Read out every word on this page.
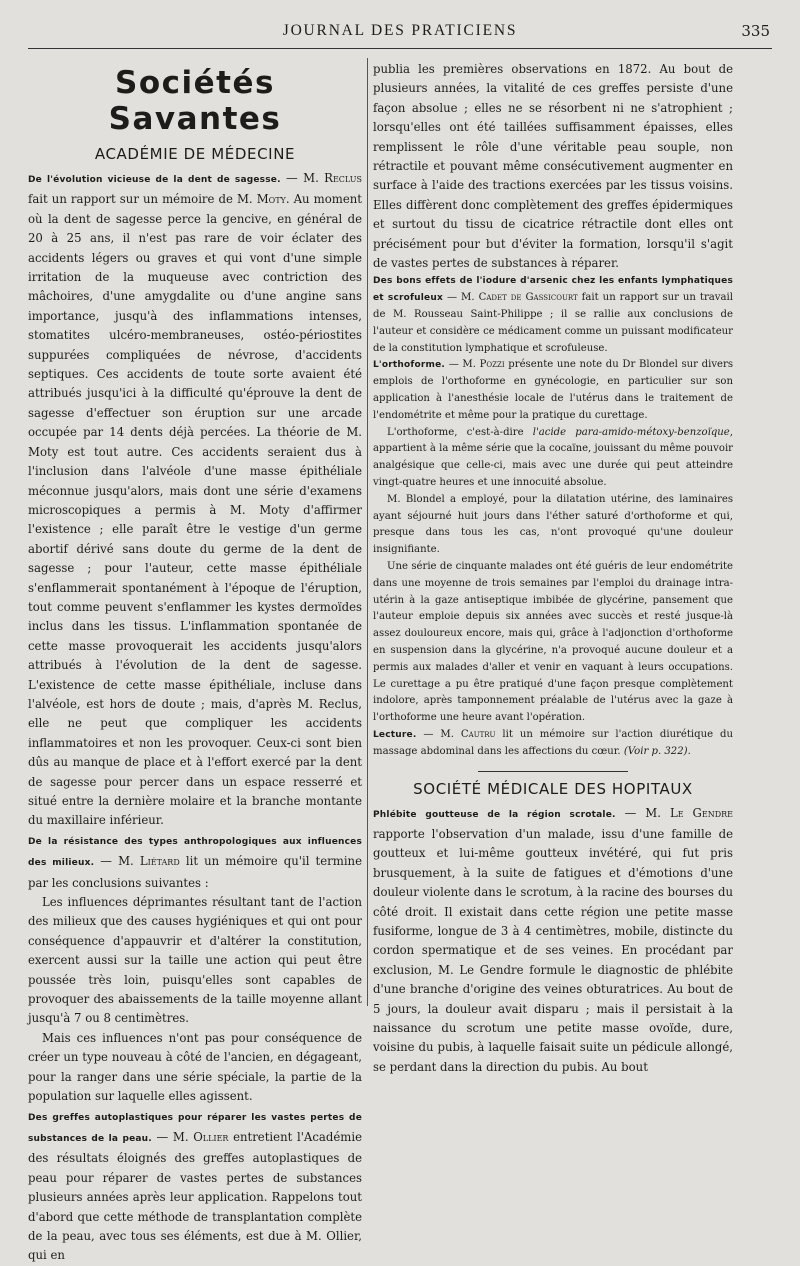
JOURNAL DES PRATICIENS	335
Sociétés Savantes
ACADÉMIE DE MÉDECINE

De l'évolution vicieuse de la dent de sagesse. — M. Reclus fait un rapport sur un mémoire de M. Moty. Au moment où la dent de sagesse perce la gencive, en général de 20 à 25 ans, il n'est pas rare de voir éclater des accidents légers ou graves et qui vont d'une simple irritation de la muqueuse avec contriction des mâchoires, d'une amygdalite ou d'une angine sans importance, jusqu'à des inflammations intenses, stomatites ulcéro-membraneuses, ostéo-périostites suppurées compliquées de névrose, d'accidents septiques. Ces accidents de toute sorte avaient été attribués jusqu'ici à la difficulté qu'éprouve la dent de sagesse d'effectuer son éruption sur une arcade occupée par 14 dents déjà percées. La théorie de M. Moty est tout autre. Ces accidents seraient dus à l'inclusion dans l'alvéole d'une masse épithéliale méconnue jusqu'alors, mais dont une série d'examens microscopiques a permis à M. Moty d'affirmer l'existence ; elle paraît être le vestige d'un germe abortif dérivé sans doute du germe de la dent de sagesse ; pour l'auteur, cette masse épithéliale s'enflammerait spontanément à l'époque de l'éruption, tout comme peuvent s'enflammer les kystes dermoïdes inclus dans les tissus. L'inflammation spontanée de cette masse provoquerait les accidents jusqu'alors attribués à l'évolution de la dent de sagesse. L'existence de cette masse épithéliale, incluse dans l'alvéole, est hors de doute ; mais, d'après M. Reclus, elle ne peut que compliquer les accidents inflammatoires et non les provoquer. Ceux-ci sont bien dûs au manque de place et à l'effort exercé par la dent de sagesse pour percer dans un espace resserré et situé entre la dernière molaire et la branche montante du maxillaire inférieur.

De la résistance des types anthropologiques aux influences des milieux. — M. Liétard lit un mémoire qu'il termine par les conclusions suivantes :

Les influences déprimantes résultant tant de l'action des milieux que des causes hygiéniques et qui ont pour conséquence d'appauvrir et d'altérer la constitution, exercent aussi sur la taille une action qui peut être poussée très loin, puisqu'elles sont capables de provoquer des abaissements de la taille moyenne allant jusqu'à 7 ou 8 centimètres.

Mais ces influences n'ont pas pour conséquence de créer un type nouveau à côté de l'ancien, en dégageant, pour la ranger dans une série spéciale, la partie de la population sur laquelle elles agissent.

Des greffes autoplastiques pour réparer les vastes pertes de substances de la peau. — M. Ollier entretient l'Académie des résultats éloignés des greffes autoplastiques de peau pour réparer de vastes pertes de substances plusieurs années après leur application. Rappelons tout d'abord que cette méthode de transplantation complète de la peau, avec tous ses éléments, est due à M. Ollier, qui en

publia les premières observations en 1872. Au bout de plusieurs années, la vitalité de ces greffes persiste d'une façon absolue ; elles ne se résorbent ni ne s'atrophient ; lorsqu'elles ont été taillées suffisamment épaisses, elles remplissent le rôle d'une véritable peau souple, non rétractile et pouvant même consécutivement augmenter en surface à l'aide des tractions exercées par les tissus voisins. Elles diffèrent donc complètement des greffes épidermiques et surtout du tissu de cicatrice rétractile dont elles ont précisément pour but d'éviter la formation, lorsqu'il s'agit de vastes pertes de substances à réparer.

Des bons effets de l'iodure d'arsenic chez les enfants lymphatiques et scrofuleux — M. Cadet de Gassicourt fait un rapport sur un travail de M. Rousseau Saint-Philippe ; il se rallie aux conclusions de l'auteur et considère ce médicament comme un puissant modificateur de la constitution lymphatique et scrofuleuse.

L'orthoforme. — M. Pozzi présente une note du Dr Blondel sur divers emplois de l'orthoforme en gynécologie, en particulier sur son application à l'anesthésie locale de l'utérus dans le traitement de l'endométrite et même pour la pratique du curettage.

L'orthoforme, c'est-à-dire l'acide para-amido-métoxy-benzoïque, appartient à la même série que la cocaïne, jouissant du même pouvoir analgésique que celle-ci, mais avec une durée qui peut atteindre vingt-quatre heures et une innocuité absolue.

M. Blondel a employé, pour la dilatation utérine, des laminaires ayant séjourné huit jours dans l'éther saturé d'orthoforme et qui, presque dans tous les cas, n'ont provoqué qu'une douleur insignifiante.

Une série de cinquante malades ont été guéris de leur endométrite dans une moyenne de trois semaines par l'emploi du drainage intra-utérin à la gaze antiseptique imbibée de glycérine, pansement que l'auteur emploie depuis six années avec succès et resté jusque-là assez douloureux encore, mais qui, grâce à l'adjonction d'orthoforme en suspension dans la glycérine, n'a provoqué aucune douleur et a permis aux malades d'aller et venir en vaquant à leurs occupations. Le curettage a pu être pratiqué d'une façon presque complètement indolore, après tamponnement préalable de l'utérus avec la gaze à l'orthoforme une heure avant l'opération.

Lecture. — M. Cautru lit un mémoire sur l'action diurétique du massage abdominal dans les affections du cœur. (Voir p. 322).

SOCIÉTÉ MÉDICALE DES HOPITAUX

Phlébite goutteuse de la région scrotale. — M. Le Gendre rapporte l'observation d'un malade, issu d'une famille de goutteux et lui-même goutteux invétéré, qui fut pris brusquement, à la suite de fatigues et d'émotions d'une douleur violente dans le scrotum, à la racine des bourses du côté droit. Il existait dans cette région une petite masse fusiforme, longue de 3 à 4 centimètres, mobile, distincte du cordon spermatique et de ses veines. En procédant par exclusion, M. Le Gendre formule le diagnostic de phlébite d'une branche d'origine des veines obturatrices. Au bout de 5 jours, la douleur avait disparu ; mais il persistait à la naissance du scrotum une petite masse ovoïde, dure, voisine du pubis, à laquelle faisait suite un pédicule allongé, se perdant dans la direction du pubis. Au bout
